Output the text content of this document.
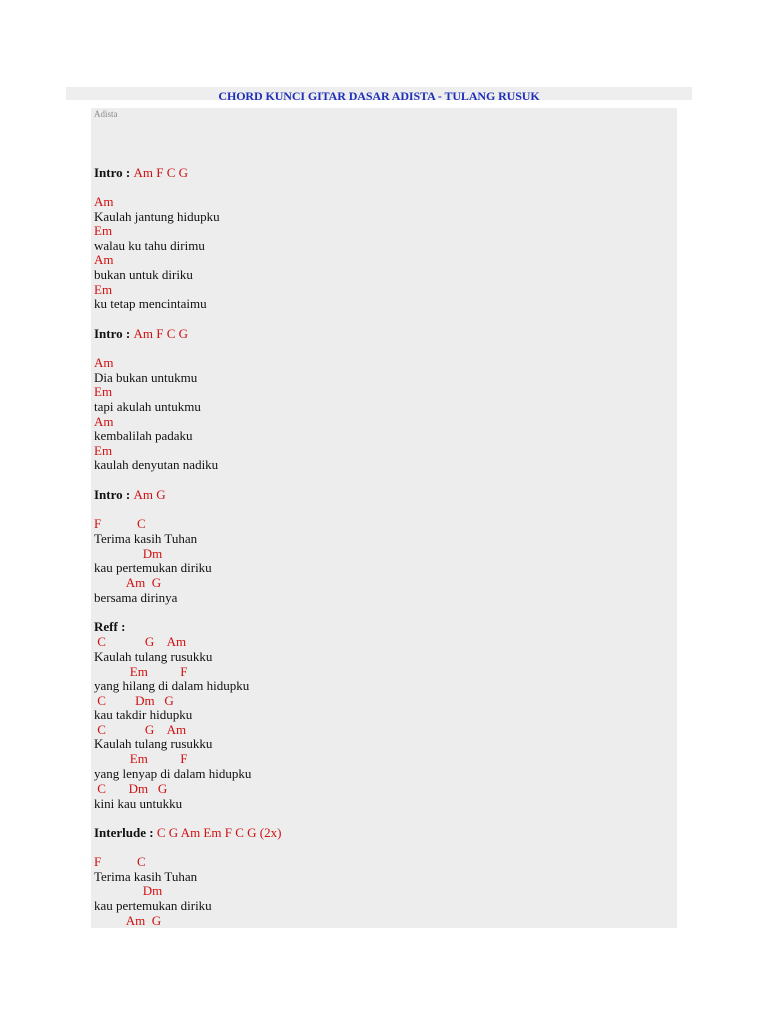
CHORD KUNCI GITAR DASAR ADISTA - TULANG RUSUK
Adista
Intro : Am F C G
Am
Kaulah jantung hidupku
Em
walau ku tahu dirimu
Am
bukan untuk diriku
Em
ku tetap mencintaimu
Intro : Am F C G
Am
Dia bukan untukmu
Em
tapi akulah untukmu
Am
kembalilah padaku
Em
kaulah denyutan nadiku
Intro : Am G
F           C
Terima kasih Tuhan
Dm
kau pertemukan diriku
Am  G
bersama dirinya
Reff :
C            G    Am
Kaulah tulang rusukku
Em          F
yang hilang di dalam hidupku
C         Dm   G
kau takdir hidupku
C            G    Am
Kaulah tulang rusukku
Em          F
yang lenyap di dalam hidupku
C       Dm   G
kini kau untukku
Interlude : C G Am Em F C G (2x)
F           C
Terima kasih Tuhan
Dm
kau pertemukan diriku
Am  G
